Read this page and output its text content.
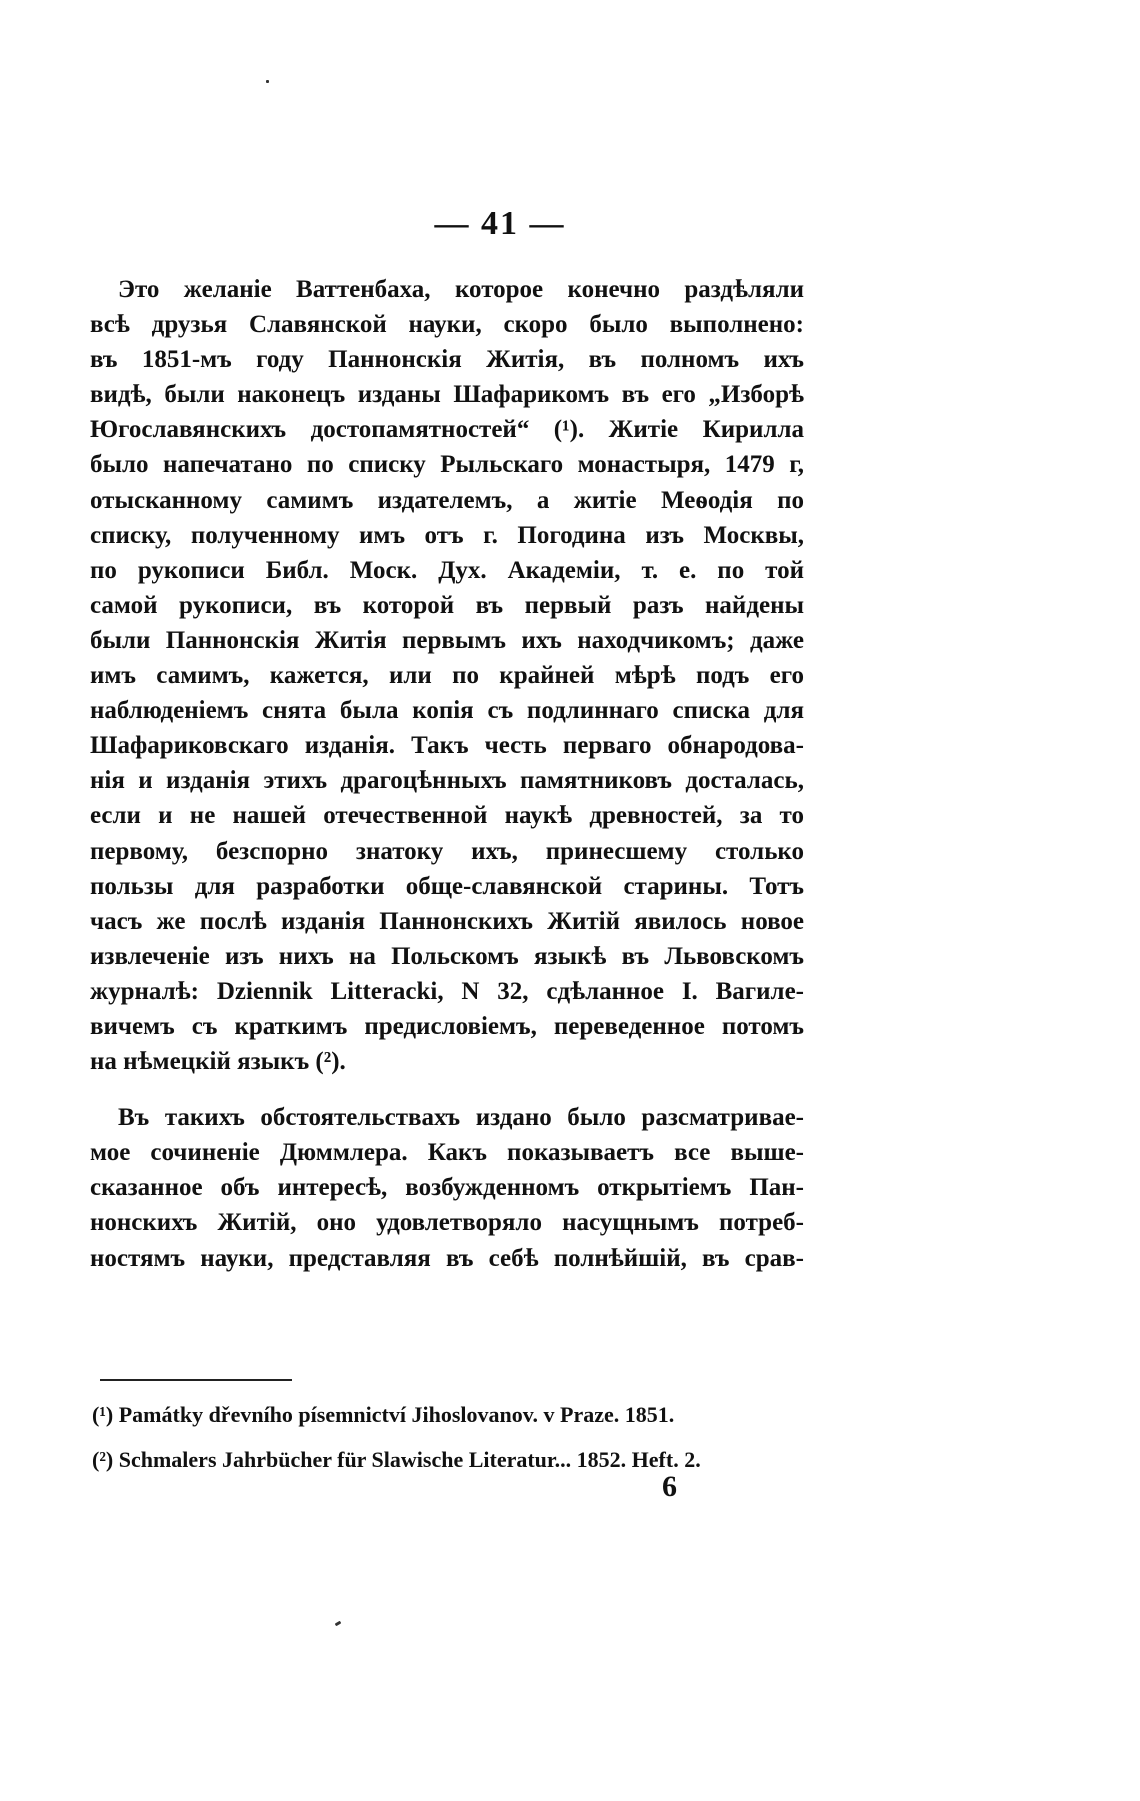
— 41 —
Это желаніе Ваттенбаха, которое конечно раздѣляли
всѣ друзья Славянской науки, скоро было выполнено:
въ 1851-мъ году Паннонскія Житія, въ полномъ ихъ
видѣ, были наконецъ изданы Шафарикомъ въ его „Изборѣ
Югославянскихъ достопамятностей“ (¹). Житіе Кирилла
было напечатано по списку Рыльскаго монастыря, 1479 г,
отысканному самимъ издателемъ, а житіе Меѳодія по
списку, полученному имъ отъ г. Погодина изъ Москвы,
по рукописи Библ. Моск. Дух. Академіи, т. е. по той
самой рукописи, въ которой въ первый разъ найдены
были Паннонскія Житія первымъ ихъ находчикомъ; даже
имъ самимъ, кажется, или по крайней мѣрѣ подъ его
наблюденіемъ снята была копія съ подлиннаго списка для
Шафариковскаго изданія. Такъ честь перваго обнародова-
нія и изданія этихъ драгоцѣнныхъ памятниковъ досталась,
если и не нашей отечественной наукѣ древностей, за то
первому, безспорно знатоку ихъ, принесшему столько
пользы для разработки обще-славянской старины. Тотъ
часъ же послѣ изданія Паннонскихъ Житій явилось новое
извлеченіе изъ нихъ на Польскомъ языкѣ въ Львовскомъ
журналѣ: Dziennik Litteracki, N 32, сдѣланное I. Вагиле-
вичемъ съ краткимъ предисловіемъ, переведенное потомъ
на нѣмецкій языкъ (²).
Въ такихъ обстоятельствахъ издано было разсматривае-
мое сочиненіе Дюммлера. Какъ показываетъ все выше-
сказанное объ интересѣ, возбужденномъ открытіемъ Пан-
нонскихъ Житій, оно удовлетворяло насущнымъ потреб-
ностямъ науки, представляя въ себѣ полнѣйшій, въ срав-
(¹) Památky dřevního písemnictví Jihoslovanov. v Praze. 1851.
(²) Schmalers Jahrbücher für Slawische Literatur... 1852. Heft. 2.
6
